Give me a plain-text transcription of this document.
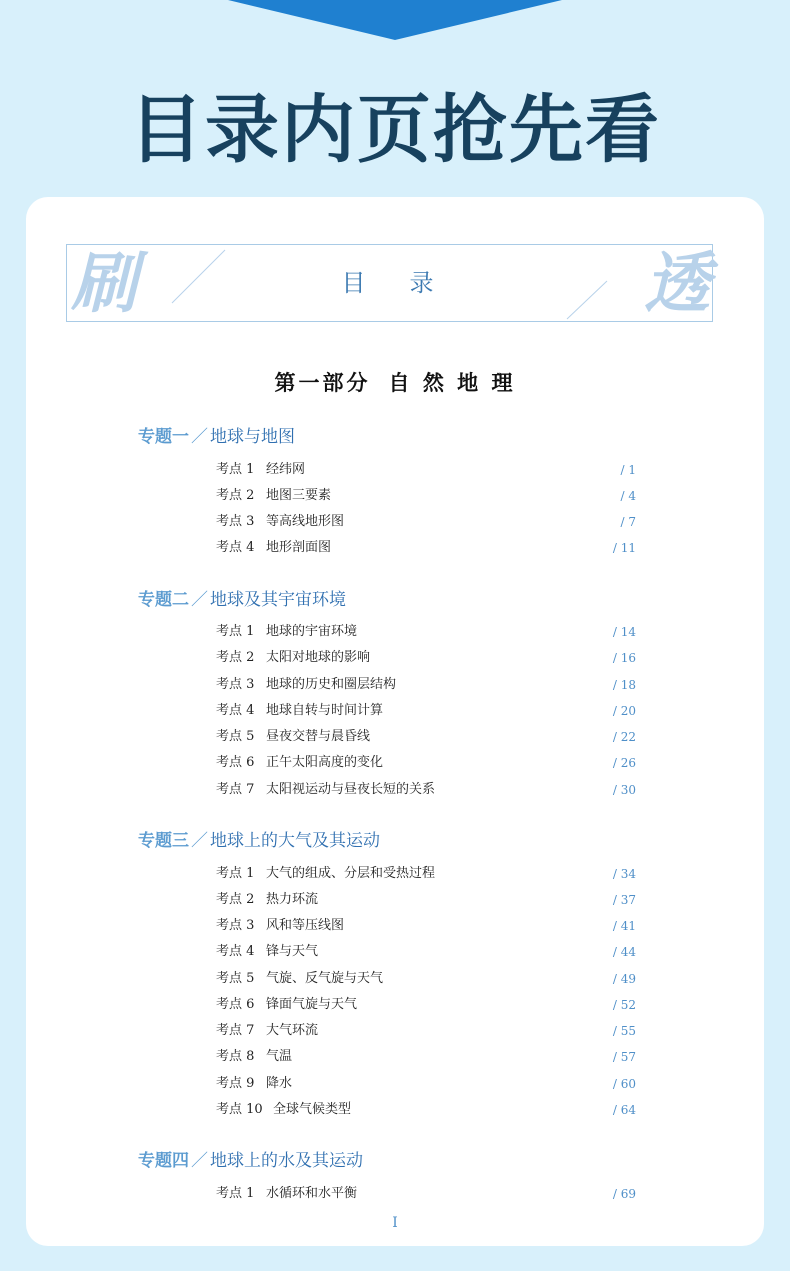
目录内页抢先看
刷	透
目 录
第一部分 自 然 地 理
专题一 ／ 地球与地图
考点 1 经纬网	/ 1
考点 2 地图三要素	/ 4
考点 3 等高线地形图	/ 7
考点 4 地形剖面图	/ 11
专题二 ／ 地球及其宇宙环境
考点 1 地球的宇宙环境	/ 14
考点 2 太阳对地球的影响	/ 16
考点 3 地球的历史和圈层结构	/ 18
考点 4 地球自转与时间计算	/ 20
考点 5 昼夜交替与晨昏线	/ 22
考点 6 正午太阳高度的变化	/ 26
考点 7 太阳视运动与昼夜长短的关系	/ 30
专题三 ／ 地球上的大气及其运动
考点 1 大气的组成、分层和受热过程	/ 34
考点 2 热力环流	/ 37
考点 3 风和等压线图	/ 41
考点 4 锋与天气	/ 44
考点 5 气旋、反气旋与天气	/ 49
考点 6 锋面气旋与天气	/ 52
考点 7 大气环流	/ 55
考点 8 气温	/ 57
考点 9 降水	/ 60
考点 10 全球气候类型	/ 64
专题四 ／ 地球上的水及其运动
考点 1 水循环和水平衡	/ 69
I
